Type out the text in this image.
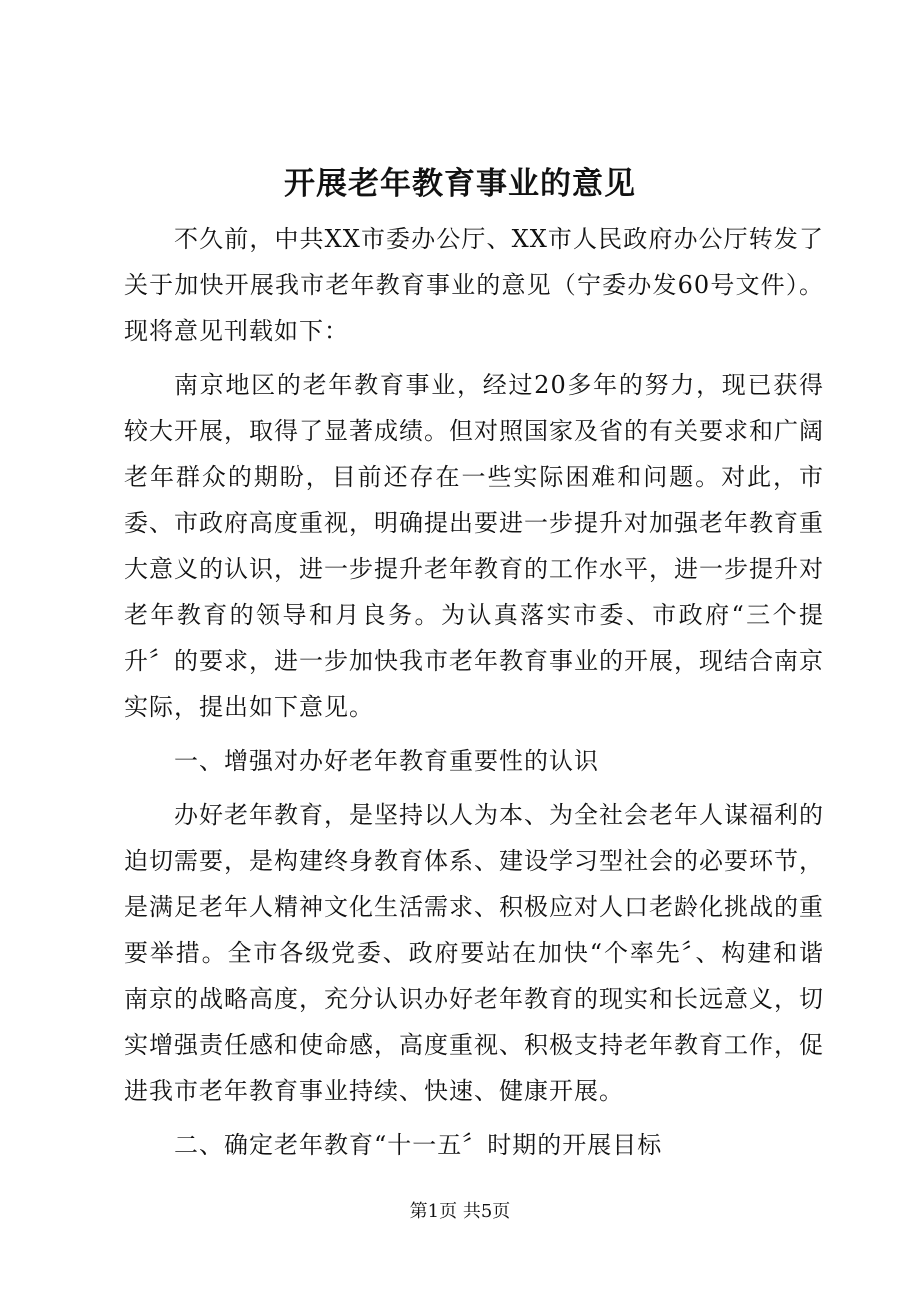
开展老年教育事业的意见

不久前，中共XX市委办公厅、XX市人民政府办公厅转发了关于加快开展我市老年教育事业的意见（宁委办发60号文件）。现将意见刊载如下：

南京地区的老年教育事业，经过20多年的努力，现已获得较大开展，取得了显著成绩。但对照国家及省的有关要求和广阔老年群众的期盼，目前还存在一些实际困难和问题。对此，市委、市政府高度重视，明确提出要进一步提升对加强老年教育重大意义的认识，进一步提升老年教育的工作水平，进一步提升对老年教育的领导和月良务。为认真落实市委、市政府“三个提升〞的要求，进一步加快我市老年教育事业的开展，现结合南京实际，提出如下意见。

一、增强对办好老年教育重要性的认识

办好老年教育，是坚持以人为本、为全社会老年人谋福利的迫切需要，是构建终身教育体系、建设学习型社会的必要环节，是满足老年人精神文化生活需求、积极应对人口老龄化挑战的重要举措。全市各级党委、政府要站在加快“个率先〞、构建和谐南京的战略高度，充分认识办好老年教育的现实和长远意义，切实增强责任感和使命感，高度重视、积极支持老年教育工作，促进我市老年教育事业持续、快速、健康开展。

二、确定老年教育“十一五〞时期的开展目标

第1页 共5页
